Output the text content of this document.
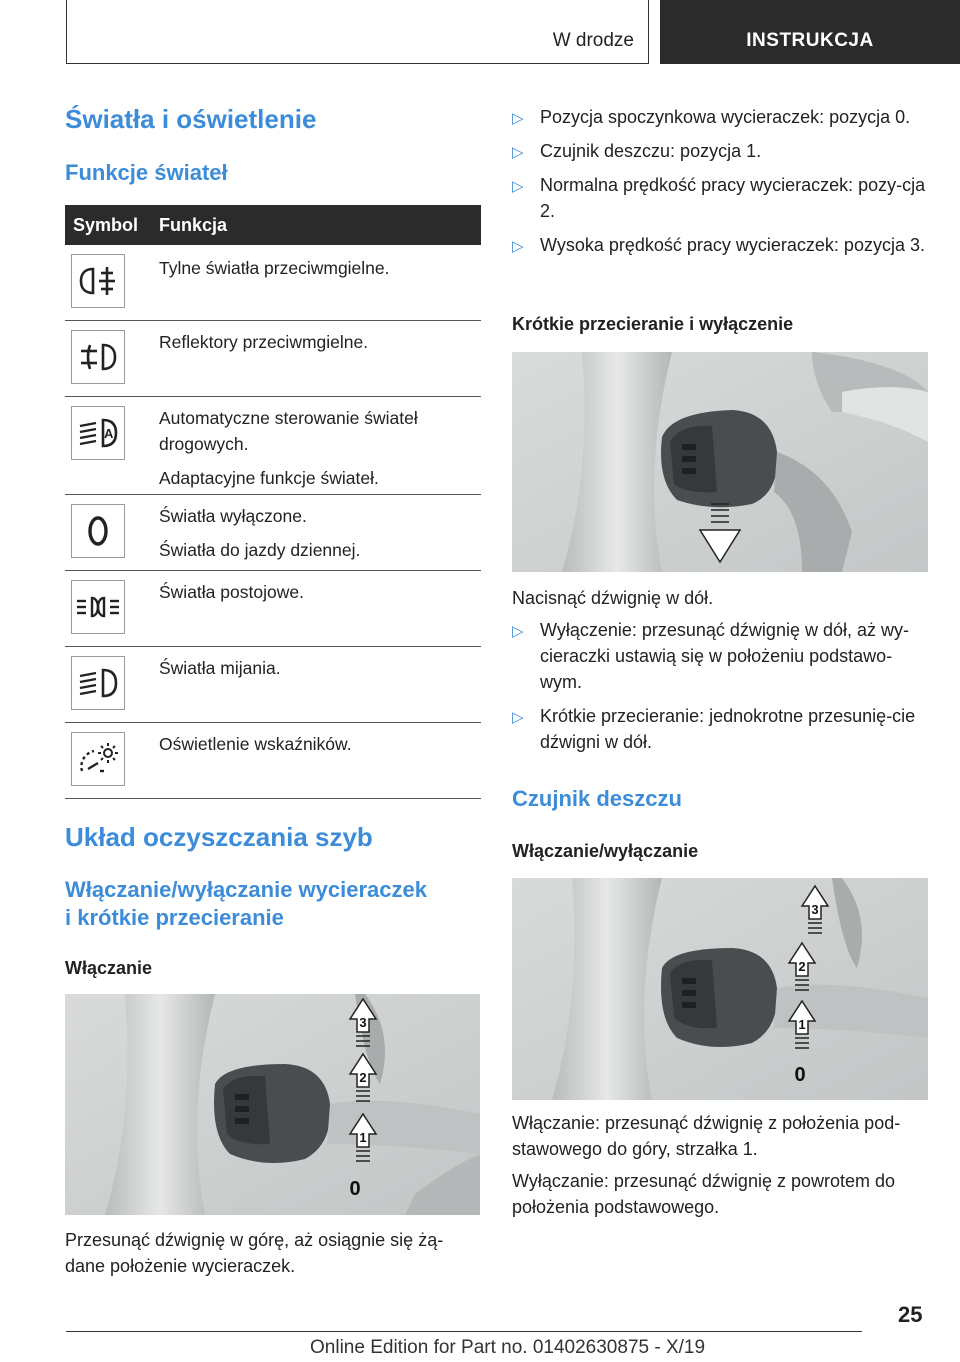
W drodze	INSTRUKCJA
Światła i oświetlenie
Funkcje świateł
Symbol Funkcja
Tylne światła przeciwmgielne.
Reflektory przeciwmgielne.
A
Automatyczne sterowanie świateł drogowych.
Adaptacyjne funkcje świateł.
Światła wyłączone.
Światła do jazdy dziennej.
Światła postojowe.
Światła mijania.
Oświetlenie wskaźników.
Układ oczyszczania szyb
Włączanie/wyłączanie wycieraczek
i krótkie przecieranie
Włączanie
3
2
1
0
Przesunąć dźwignię w górę, aż osiągnie się żą-
dane położenie wycieraczek.
▷ Pozycja spoczynkowa wycieraczek: pozycja 0.
▷ Czujnik deszczu: pozycja 1.
▷ Normalna prędkość pracy wycieraczek: pozy-cja 2.
▷ Wysoka prędkość pracy wycieraczek: pozycja 3.
Krótkie przecieranie i wyłączenie
Nacisnąć dźwignię w dół.
▷ Wyłączenie: przesunąć dźwignię w dół, aż wy-cieraczki ustawią się w położeniu podstawo-wym.
▷ Krótkie przecieranie: jednokrotne przesunię-cie dźwigni w dół.
Czujnik deszczu
Włączanie/wyłączanie
3
2
1
0
Włączanie: przesunąć dźwignię z położenia pod-stawowego do góry, strzałka 1.
Wyłączanie: przesunąć dźwignię z powrotem do położenia podstawowego.
25
Online Edition for Part no. 01402630875 - X/19
